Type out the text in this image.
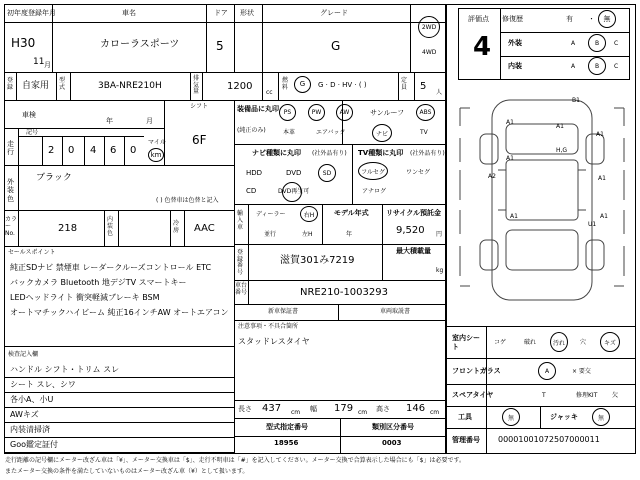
初年度登録年月
H30
11 月
車名
カローラスポーツ
ドア
5
形状	グレード
G
2WD
4WD
評価点
4
修復歴	有 ・ 無
外装	A	B C
内装	A	B C
登録 自家用
型式	3BA-NRE210H
排気量	1200
cc
燃料 G G · D · HV · ( )
定員 5
人
車検
年	月
シフト
6F
走行
記号
2 0 4 6 0
マイル
km
外装色
ブラック
( ) 色替車は色替と記入
カラーNo.	218
内装色
冷房 AAC
セールスポイント
純正SDナビ 禁煙車 レーダークルーズコントロール ETC
バックカメラ Bluetooth 地デジTV スマートキー
LEDヘッドライト 衝突軽減ブレーキ BSM
オートマチックハイビーム 純正16インチAW オートエアコン
検査記入欄
ハンドル シフト・トリム スレ
シート スレ、シワ
各小A、小U
AWキズ
内装清掃済
Goo鑑定証付
装備品に丸印
(純正のみ)
PS	PW	AW	サンルーフ	ABS
本革	エアバック	ナビ	TV
ナビ種類に丸印 (社外品有り)
HDD	DVD	SD
CD	DVD再生可
TV種類に丸印 (社外品有り)
フルセグ	ワンセグ
アナログ
輸入車
ディーラー	右H
並行	左H
モデル年式
年
リサイクル預託金
9,520 円
登録番号
滋賀301み7219
最大積載量
kg
車台番号	NRE210-1003293
新車保証書	車両取説書
注意事項・不具合箇所
スタッドレスタイヤ
長さ 437 cm 幅 179 cm 高さ 146 cm
型式指定番号
18956
類別区分番号
0003
B1
A1
A1
A1
A1
A2	A1
A1	A1
U1
H,G
室内シート
コゲ	破れ	汚れ	穴	キズ
フロントガラス	A	× 要交
スペアタイヤ	T	修理KIT 欠
工具	無	ジャッキ	無
管理番号 00001001072507000011
走行距離の記号欄にメーター改ざん車は「¥」、メーター交換車は「$」、走行不明車は「#」を記入してください。メーター交換で合算表示した場合にも「$」は必要です。
またメーター交換の条件を満たしていないものはメーター改ざん車（¥）として扱います。
